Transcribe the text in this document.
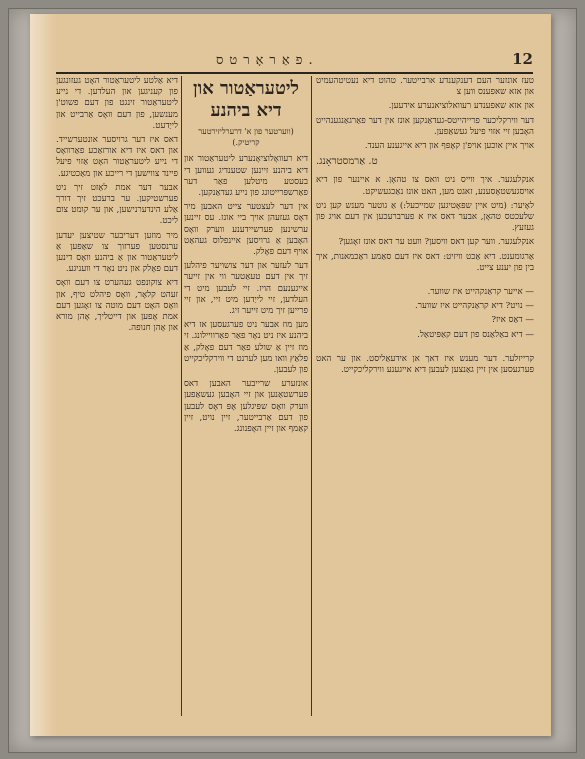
פאַראָרטס.	12

טעז אונזער העם דענקענדע ארבייטער. טהוט דיא נעטיטהעמיט און אזא שאפענס ווען צ

און אזא שאפענדע רעוואלוציאנערע אידעען.

דער ווירקליכער פרייהייטס-געדאַנקען אונז אין דער פאַרגאַנגענהייט האָבען זיי אזוי פיעל געשאַפען.

אויך איין אוכען אויפ'ן קאָפּף און דיא אייגענע הענד.

ט. אַרמסטראָנג.

אנקלעגער. איך ווייס ניט וואס צו טהאָן. א איינער פון דיא אויסגעשטאָסענע, זאגט מען, האט אונז נאַכגעשיקט.

לאָיער: (מיט איין שפּאָטיגען שמייכעל:) אַ גוטער מענש קען ניט שלעכטס טהאָן, אבער דאס איז א פערברעכען אין דעם אויג פון געזעץ.

אנקלעגער. ווער קען דאס וויסען? וועט ער דאס אונז זאָגען?

אַרגומענט. דיא אַכט וויזיט: דאס איז דעם סאַמע ראַכמאנות, איך בין פון יענע צייט.

— אייער קראַנקהייט איז שווער.

— נויט? דיא קראַנקהייט איז שווער.

— דאַס איז?

— דיא באַלאַנס פון דעם קאַפּיטאַל.

קרייזלער. דער מענש איז דאך אן אידעאַליסט. און ער האט פערגעסען אין זיין גאַנצען לעבען דיא אייגענע ווירקליכקייט.

ליטעראַטור און
דיא ביהנע
(ווערטער פון א' דרערליזירטער קריטיק.)

דיא רעוואָלוציאָנערע ליטעראַטור און דיא ביהנע זיינען שטענדיג געווען די בעסטע מיטלען פאַר דער פאַרשפּרייטונג פון נייע געדאַנקען.

אין דער לעצטער צייט האבען מיר דאָס געזעהן אויך ביי אונז. עס זיינען ערשינען פערשיידענע ווערק וואָס האָבען אַ גרויסען איינפלוס געהאַט אויף דעם פאָלק.

דער לעזער און דער צושויער פיהלען זיך אין דעם טעאַטער ווי אין זייער אייגענעם הויז. זיי לעבען מיט די העלדען, זיי לייַדען מיט זיי, און זיי פרייען זיך מיט זייער זיג.

מען מוז אבער ניט פערגעסען אז דיא ביהנע איז ניט נאָר פאַר פאַרוויילונג. זי מוז זיין אַ שולע פאַר דעם פאָלק, אַ פלאַץ וואו מען לערנט די ווירקליכקייט פון לעבען.

אונזערע שרייבער האבען דאס פערשטאַנען און זיי האָבען געשאַפען ווערק וואָס שפּיגלען אָפּ דאָס לעבען פון דעם אַרבייטער, זיין נויט, זיין קאַמף און זיין האָפנונג.

דיא אַלטע ליטעראַטור האָט געזונגען פון קעניגען און העלדען. די נייע ליטעראַטור זינגט פון דעם פשוט'ן מענשען, פון דעם וואָס אַרבייט און לייַדעט.

דאס איז דער גרויסער אונטערשייד. און דאס איז דיא אורזאַכע פאַרוואָס די נייע ליטעראַטור האָט אַזוי פיעל פיינד צווישען די רייכע און מאַכטיגע.

אבער דער אמת לאַזט זיך ניט פערשטיקען. ער ברעכט זיך דורך אַלע הינדערנישען, און ער קומט צום ליכט.

מיר מוזען דעריבער שטיצען יעדען ערנסטען פערזוך צו שאַפען אַ ליטעראַטור און אַ ביהנע וואָס דינען דעם פאָלק און ניט נאָר די וועניגע.

דיא צוקונפט געהערט צו דעם וואָס זעהט קלאָר, וואָס פיהלט טיף, און וואָס האָט דעם מוטה צו זאָגען דעם אמת אָפען און דייטליך, אָהן מורא און אָהן חנופה.
